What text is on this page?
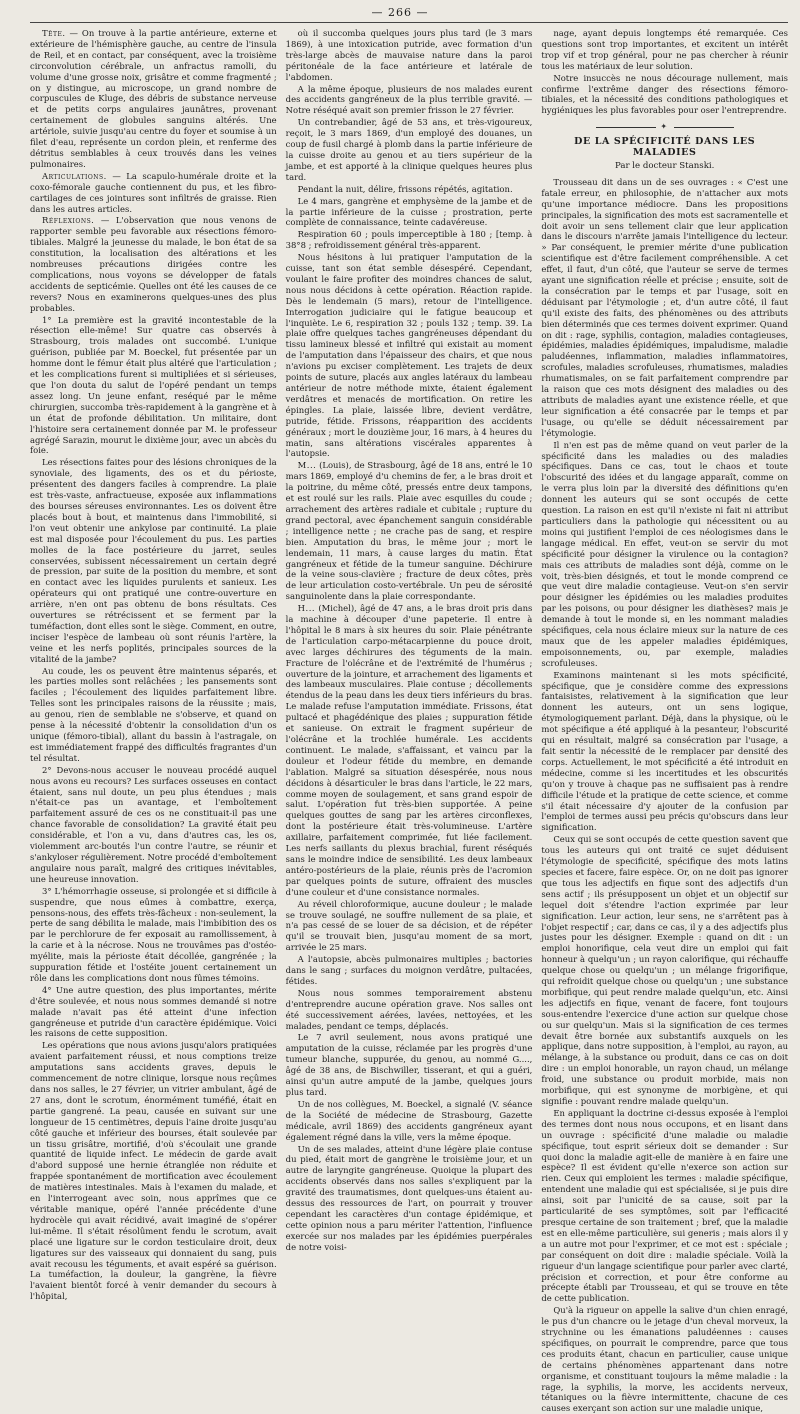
— 266 —

Tête. — On trouve à la partie antérieure, externe et extérieure de l'hémisphère gauche, au centre de l'insula de Reil, et en contact, par conséquent, avec la troisième circonvolution cérébrale, un anfractus ramolli, du volume d'une grosse noix, grisâtre et comme fragmenté ; on y distingue, au microscope, un grand nombre de corpuscules de Kluge, des débris de substance nerveuse et de petits corps angulaires jaunâtres, provenant certainement de globules sanguins altérés. Une artériole, suivie jusqu'au centre du foyer et soumise à un filet d'eau, représente un cordon plein, et renferme des détritus semblables à ceux trouvés dans les veines pulmonaires.

Articulations. — La scapulo-humérale droite et la coxo-fémorale gauche contiennent du pus, et les fibro-cartilages de ces jointures sont infiltrés de graisse. Rien dans les autres articles.

Réflexions. — L'observation que nous venons de rapporter semble peu favorable aux résections fémoro-tibiales. Malgré la jeunesse du malade, le bon état de sa constitution, la localisation des altérations et les nombreuses précautions dirigées contre les complications, nous voyons se développer de fatals accidents de septicémie. Quelles ont été les causes de ce revers? Nous en examinerons quelques-unes des plus probables.

1° La première est la gravité incontestable de la résection elle-même! Sur quatre cas observés à Strasbourg, trois malades ont succombé. L'unique guérison, publiée par M. Boeckel, fut présentée par un homme dont le fémur était plus altéré que l'articulation ; et les complications furent si multipliées et si sérieuses, que l'on douta du salut de l'opéré pendant un temps assez long. Un jeune enfant, reséqué par le même chirurgien, succomba très-rapidement à la gangrène et à un état de profonde débilitation. Un militaire, dont l'histoire sera certainement donnée par M. le professeur agrégé Sarazin, mourut le dixième jour, avec un abcès du foie.

Les résections faites pour des lésions chroniques de la synoviale, des ligaments, des os et du périoste, présentent des dangers faciles à comprendre. La plaie est très-vaste, anfractueuse, exposée aux inflammations des bourses séreuses environnantes. Les os doivent être placés bout à bout, et maintenus dans l'immobilité, si l'on veut obtenir une ankylose par continuité. La plaie est mal disposée pour l'écoulement du pus. Les parties molles de la face postérieure du jarret, seules conservées, subissent nécessairement un certain degré de pression, par suite de la position du membre, et sont en contact avec les liquides purulents et sanieux. Les opérateurs qui ont pratiqué une contre-ouverture en arrière, n'en ont pas obtenu de bons résultats. Ces ouvertures se rétrécissent et se ferment par la tuméfaction, dont elles sont le siège. Comment, en outre, inciser l'espèce de lambeau où sont réunis l'artère, la veine et les nerfs poplités, principales sources de la vitalité de la jambe?

Au coude, les os peuvent être maintenus séparés, et les parties molles sont relâchées ; les pansements sont faciles ; l'écoulement des liquides parfaitement libre. Telles sont les principales raisons de la réussite ; mais, au genou, rien de semblable ne s'observe, et quand on pense à la nécessité d'obtenir la consolidation d'un os unique (fémoro-tibial), allant du bassin à l'astragale, on est immédiatement frappé des difficultés fragrantes d'un tel résultat.

2° Devons-nous accuser le nouveau procédé auquel nous avons eu recours? Les surfaces osseuses en contact étaient, sans nul doute, un peu plus étendues ; mais n'était-ce pas un avantage, et l'emboîtement parfaitement assuré de ces os ne constituait-il pas une chance favorable de consolidation? La gravité était peu considérable, et l'on a vu, dans d'autres cas, les os, violemment arc-boutés l'un contre l'autre, se réunir et s'ankyloser régulièrement. Notre procédé d'emboîtement angulaire nous paraît, malgré des critiques inévitables, une heureuse innovation.

3° L'hémorrhagie osseuse, si prolongée et si difficile à suspendre, que nous eûmes à combattre, exerça, pensons-nous, des effets très-fâcheux : non-seulement, la perte de sang débilita le malade, mais l'imbibition des os par le perchlorure de fer exposait au ramollissement, à la carie et à la nécrose. Nous ne trouvâmes pas d'ostéo-myélite, mais la périoste était décollée, gangrénée ; la suppuration fétide et l'ostéite jouent certainement un rôle dans les complications dont nous fûmes témoins.

4° Une autre question, des plus importantes, mérite d'être soulevée, et nous nous sommes demandé si notre malade n'avait pas été atteint d'une infection gangréneuse et putride d'un caractère épidémique. Voici les raisons de cette supposition.

Les opérations que nous avions jusqu'alors pratiquées avaient parfaitement réussi, et nous comptions treize amputations sans accidents graves, depuis le commencement de notre clinique, lorsque nous reçûmes dans nos salles, le 27 février, un vitrier ambulant, âgé de 27 ans, dont le scrotum, énormément tuméfié, était en partie gangrené. La peau, causée en suivant sur une longueur de 15 centimètres, depuis l'aine droite jusqu'au côté gauche et inférieur des bourses, était soulevée par un tissu grisâtre, mortifié, d'où s'écoulait une grande quantité de liquide infect. Le médecin de garde avait d'abord supposé une hernie étranglée non réduite et frappée spontanément de mortification avec écoulement de matières intestinales. Mais à l'examen du malade, et en l'interrogeant avec soin, nous apprîmes que ce véritable manique, opéré l'année précédente d'une hydrocèle qui avait récidivé, avait imaginé de s'opérer lui-même. Il s'était résolûment fendu le scrotum, avait placé une ligature sur le cordon testiculaire droit, deux ligatures sur des vaisseaux qui donnaient du sang, puis avait recousu les téguments, et avait espéré sa guérison. La tuméfaction, la douleur, la gangrène, la fièvre l'avaient bientôt forcé à venir demander du secours à l'hôpital,

où il succomba quelques jours plus tard (le 3 mars 1869), à une intoxication putride, avec formation d'un très-large abcès de mauvaise nature dans la paroi péritonéale de la face antérieure et latérale de l'abdomen.

A la même époque, plusieurs de nos malades eurent des accidents gangréneux de la plus terrible gravité. — Notre réséqué avait son premier frisson le 27 février.

Un contrebandier, âgé de 53 ans, et très-vigoureux, reçoit, le 3 mars 1869, d'un employé des douanes, un coup de fusil chargé à plomb dans la partie inférieure de la cuisse droite au genou et au tiers supérieur de la jambe, et est apporté à la clinique quelques heures plus tard.

Pendant la nuit, délire, frissons répétés, agitation.

Le 4 mars, gangrène et emphysème de la jambe et de la partie inférieure de la cuisse ; prostration, perte complète de connaissance, teinte cadavéreuse.

Respiration 60 ; pouls imperceptible à 180 ; [temp. à 38°8 ; refroidissement général très-apparent.

Nous hésitons à lui pratiquer l'amputation de la cuisse, tant son état semble désespéré. Cependant, voulant le faire profiter des moindres chances de salut, nous nous décidons à cette opération. Réaction rapide. Dès le lendemain (5 mars), retour de l'intelligence. Interrogation judiciaire qui le fatigue beaucoup et l'inquiète. Le 6, respiration 32 ; pouls 132 ; temp. 39. La plaie offre quelques taches gangréneuses dépendant du tissu lamineux blessé et infiltré qui existait au moment de l'amputation dans l'épaisseur des chairs, et que nous n'avions pu exciser complètement. Les trajets de deux points de suture, placés aux angles latéraux du lambeau antérieur de notre méthode mixte, étaient également verdâtres et menacés de mortification. On retire les épingles. La plaie, laissée libre, devient verdâtre, putride, fétide. Frissons, réapparition des accidents généraux ; mort le douzième jour, 16 mars, à 4 heures du matin, sans altérations viscérales apparentes à l'autopsie.

M... (Louis), de Strasbourg, âgé de 18 ans, entré le 10 mars 1869, employé d'u chemins de fer, a le bras droit et la poitrine, du même côté, pressés entre deux tampons, et est roulé sur les rails. Plaie avec esquilles du coude ; arrachement des artères radiale et cubitale ; rupture du grand pectoral, avec épanchement sanguin considérable ; intelligence nette ; ne crache pas de sang, et respire bien. Amputation du bras, le même jour ; mort le lendemain, 11 mars, à cause larges du matin. État gangréneux et fétide de la tumeur sanguine. Déchirure de la veine sous-clavière ; fracture de deux côtes, près de leur articulation costo-vertébrale. Un peu de sérosité sanguinolente dans la plaie correspondante.

H... (Michel), âgé de 47 ans, a le bras droit pris dans la machine à découper d'une papeterie. Il entre à l'hôpital le 8 mars à six heures du soir. Plaie pénétrante de l'articulation carpo-métacarpienne du pouce droit, avec larges déchirures des téguments de la main. Fracture de l'olécrâne et de l'extrémité de l'humérus ; ouverture de la jointure, et arrachement des ligaments et des lambeaux musculaires. Plaie contuse ; décollements étendus de la peau dans les deux tiers inférieurs du bras. Le malade refuse l'amputation immédiate. Frissons, état pultacé et phagédénique des plaies ; suppuration fétide et sanieuse. On extrait le fragment supérieur de l'olécrâne et la trochlée humérale. Les accidents continuent. Le malade, s'affaissant, et vaincu par la douleur et l'odeur fétide du membre, en demande l'ablation. Malgré sa situation désespérée, nous nous décidons à désarticuler le bras dans l'article, le 22 mars, comme moyen de soulagement, et sans grand espoir de salut. L'opération fut très-bien supportée. A peine quelques gouttes de sang par les artères circonflexes, dont la postérieure était très-volumineuse. L'artère axillaire, parfaitement comprimée, fut liée facilement. Les nerfs saillants du plexus brachial, furent réséqués sans le moindre indice de sensibilité. Les deux lambeaux antéro-postérieurs de la plaie, réunis près de l'acromion par quelques points de suture, offraient des muscles d'une couleur et d'une consistance normales.

Au réveil chloroformique, aucune douleur ; le malade se trouve soulagé, ne souffre nullement de sa plaie, et n'a pas cessé de se louer de sa décision, et de répéter qu'il se trouvait bien, jusqu'au moment de sa mort, arrivée le 25 mars.

A l'autopsie, abcès pulmonaires multiples ; bactories dans le sang ; surfaces du moignon verdâtre, pultacées, fétides.

Nous nous sommes temporairement abstenu d'entreprendre aucune opération grave. Nos salles ont été successivement aérées, lavées, nettoyées, et les malades, pendant ce temps, déplacés.

Le 7 avril seulement, nous avons pratiqué une amputation de la cuisse, réclamée par les progrès d'une tumeur blanche, suppurée, du genou, au nommé G...., âgé de 38 ans, de Bischwiller, tisserant, et qui a guéri, ainsi qu'un autre amputé de la jambe, quelques jours plus tard.

Un de nos collègues, M. Boeckel, a signalé (V. séance de la Société de médecine de Strasbourg, Gazette médicale, avril 1869) des accidents gangréneux ayant également régné dans la ville, vers la même époque.

Un de ses malades, atteint d'une légère plaie contuse du pied, était mort de gangrène le troisième jour, et un autre de laryngite gangréneuse. Quoique la plupart des accidents observés dans nos salles s'expliquent par la gravité des traumatismes, dont quelques-uns étaient au-dessus des ressources de l'art, on pourrait y trouver cependant les caractères d'un contage épidémique, et cette opinion nous a paru mériter l'attention, l'influence exercée sur nos malades par les épidémies puerpérales de notre voisi-

nage, ayant depuis longtemps été remarquée. Ces questions sont trop importantes, et excitent un intérêt trop vif et trop général, pour ne pas chercher à réunir tous les matériaux de leur solution.

Notre insuccès ne nous décourage nullement, mais confirme l'extrême danger des résections fémoro-tibiales, et la nécessité des conditions pathologiques et hygiéniques les plus favorables pour oser l'entreprendre.

✦
DE LA SPÉCIFICITÉ DANS LES MALADIES
Par le docteur Stanski.

Trousseau dit dans un de ses ouvrages : « C'est une fatale erreur, en philosophie, de n'attacher aux mots qu'une importance médiocre. Dans les propositions principales, la signification des mots est sacramentelle et doit avoir un sens tellement clair que leur application dans le discours n'arrête jamais l'intelligence du lecteur. » Par conséquent, le premier mérite d'une publication scientifique est d'être facilement compréhensible. A cet effet, il faut, d'un côté, que l'auteur se serve de termes ayant une signification réelle et précise ; ensuite, soit de la consécration par le temps et par l'usage, soit en déduisant par l'étymologie ; et, d'un autre côté, il faut qu'il existe des faits, des phénomènes ou des attributs bien déterminés que ces termes doivent exprimer. Quand on dit : rage, syphilis, contagion, maladies contagieuses, épidémies, maladies épidémiques, impaludisme, maladie paludéennes, inflammation, maladies inflammatoires, scrofules, maladies scrofuleuses, rhumatismes, maladies rhumatismales, on se fait parfaitement comprendre par la raison que ces mots désignent des maladies ou des attributs de maladies ayant une existence réelle, et que leur signification a été consacrée par le temps et par l'usage, ou qu'elle se déduit nécessairement par l'étymologie.

Il n'en est pas de même quand on veut parler de la spécificité dans les maladies ou des maladies spécifiques. Dans ce cas, tout le chaos et toute l'obscurité des idées et du langage apparaît, comme on le verra plus loin par la diversité des définitions qu'en donnent les auteurs qui se sont occupés de cette question. La raison en est qu'il n'existe ni fait ni attribut particuliers dans la pathologie qui nécessitent ou au moins qui justifient l'emploi de ces néologismes dans le langage médical. En effet, veut-on se servir du mot spécificité pour désigner la virulence ou la contagion? mais ces attributs de maladies sont déjà, comme on le voit, très-bien désignés, et tout le monde comprend ce que veut dire maladie contagieuse. Veut-on s'en servir pour désigner les épidémies ou les maladies produites par les poisons, ou pour désigner les diathèses? mais je demande à tout le monde si, en les nommant maladies spécifiques, cela nous éclaire mieux sur la nature de ces maux que de les appeler maladies épidémiques, empoisonnements, ou, par exemple, maladies scrofuleuses.

Examinons maintenant si les mots spécificité, spécifique, que je considère comme des expressions fantaisistes, relativement à la signification que leur donnent les auteurs, ont un sens logique, étymologiquement parlant. Déjà, dans la physique, où le mot spécifique a été appliqué à la pesanteur, l'obscurité qui en résultait, malgré sa consécration par l'usage, a fait sentir la nécessité de le remplacer par densité des corps. Actuellement, le mot spécificité a été introduit en médecine, comme si les incertitudes et les obscurités qu'on y trouve à chaque pas ne suffisaient pas à rendre difficile l'étude et la pratique de cette science, et comme s'il était nécessaire d'y ajouter de la confusion par l'emploi de termes aussi peu précis qu'obscurs dans leur signification.

Ceux qui se sont occupés de cette question savent que tous les auteurs qui ont traité ce sujet déduisent l'étymologie de specificité, spécifique des mots latins species et facere, faire espèce. Or, on ne doit pas ignorer que tous les adjectifs en fique sont des adjectifs d'un sens actif ; ils présupposent un objet et un objectif sur lequel doit s'étendre l'action exprimée par leur signification. Leur action, leur sens, ne s'arrêtent pas à l'objet respectif ; car, dans ce cas, il y a des adjectifs plus justes pour les désigner. Exemple : quand on dit : un emploi honorifique, cela veut dire un emploi qui fait honneur à quelqu'un ; un rayon calorifique, qui réchauffe quelque chose ou quelqu'un ; un mélange frigorifique, qui refroidit quelque chose ou quelqu'un ; une substance morbifique, qui peut rendre malade quelqu'un, etc. Ainsi les adjectifs en fique, venant de facere, font toujours sous-entendre l'exercice d'une action sur quelque chose ou sur quelqu'un. Mais si la signification de ces termes devait être bornée aux substantifs auxquels on les applique, dans notre supposition, à l'emploi, au rayon, au mélange, à la substance ou produit, dans ce cas on doit dire : un emploi honorable, un rayon chaud, un mélange froid, une substance ou produit morbide, mais non morbifique, qui est synonyme de morbigène, et qui signifie : pouvant rendre malade quelqu'un.

En appliquant la doctrine ci-dessus exposée à l'emploi des termes dont nous nous occupons, et en lisant dans un ouvrage : spécificité d'une maladie ou maladie spécifique, tout esprit sérieux doit se demander : Sur quoi donc la maladie agit-elle de manière à en faire une espèce? Il est évident qu'elle n'exerce son action sur rien. Ceux qui emploient les termes : maladie spécifique, entendent une maladie qui est spécialisée, si je puis dire ainsi, soit par l'unicité de sa cause, soit par la particularité de ses symptômes, soit par l'efficacité presque certaine de son traitement ; bref, que la maladie est en elle-même particulière, sui generis ; mais alors il y a un autre mot pour l'exprimer, et ce mot est : spéciale ; par conséquent on doit dire : maladie spéciale. Voilà la rigueur d'un langage scientifique pour parler avec clarté, précision et correction, et pour être conforme au précepte établi par Trousseau, et qui se trouve en tête de cette publication.

Qu'à la rigueur on appelle la salive d'un chien enragé, le pus d'un chancre ou le jetage d'un cheval morveux, la strychnine ou les émanations paludéennes : causes spécifiques, on pourrait le comprendre, parce que tous ces produits étant, chacun en particulier, cause unique de certains phénomènes appartenant dans notre organisme, et constituant toujours la même maladie : la rage, la syphilis, la morve, les accidents nerveux, tétaniques ou la fièvre intermittente, chacune de ces causes exerçant son action sur une maladie unique,
